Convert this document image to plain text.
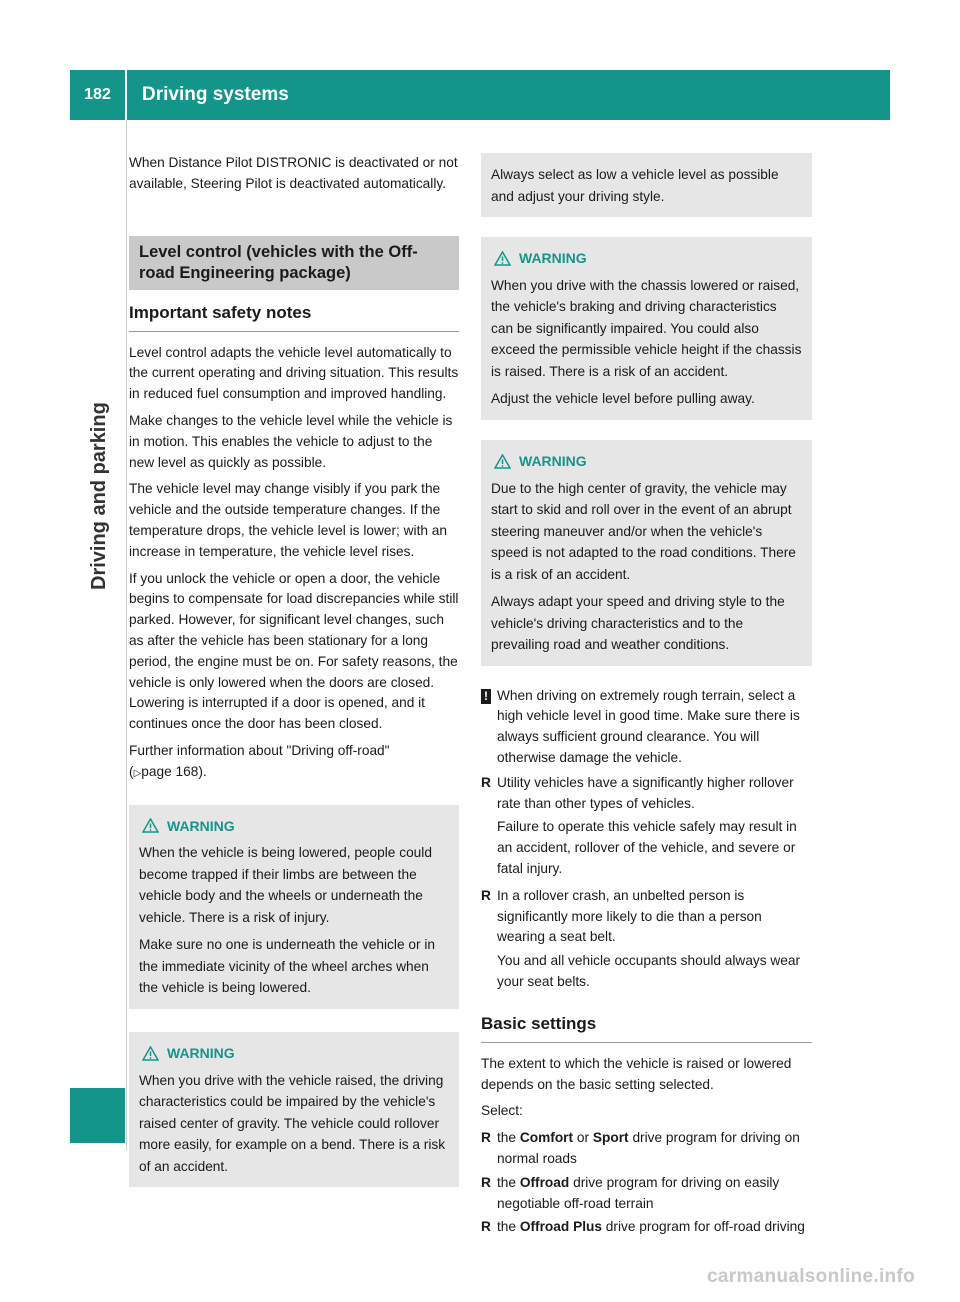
182	Driving systems
Driving and parking

When Distance Pilot DISTRONIC is deactivated or not available, Steering Pilot is deactivated automatically.

Level control (vehicles with the Off-road Engineering package)
Important safety notes

Level control adapts the vehicle level automatically to the current operating and driving situation. This results in reduced fuel consumption and improved handling.

Make changes to the vehicle level while the vehicle is in motion. This enables the vehicle to adjust to the new level as quickly as possible.

The vehicle level may change visibly if you park the vehicle and the outside temperature changes. If the temperature drops, the vehicle level is lower; with an increase in temperature, the vehicle level rises.

If you unlock the vehicle or open a door, the vehicle begins to compensate for load discrepancies while still parked. However, for significant level changes, such as after the vehicle has been stationary for a long period, the engine must be on. For safety reasons, the vehicle is only lowered when the doors are closed. Lowering is interrupted if a door is opened, and it continues once the door has been closed.

Further information about "Driving off-road"

(▷page 168).

WARNING

When the vehicle is being lowered, people could become trapped if their limbs are between the vehicle body and the wheels or underneath the vehicle. There is a risk of injury.

Make sure no one is underneath the vehicle or in the immediate vicinity of the wheel arches when the vehicle is being lowered.

WARNING

When you drive with the vehicle raised, the driving characteristics could be impaired by the vehicle's raised center of gravity. The vehicle could rollover more easily, for example on a bend. There is a risk of an accident.

Always select as low a vehicle level as possible and adjust your driving style.

WARNING

When you drive with the chassis lowered or raised, the vehicle's braking and driving characteristics can be significantly impaired. You could also exceed the permissible vehicle height if the chassis is raised. There is a risk of an accident.

Adjust the vehicle level before pulling away.

WARNING

Due to the high center of gravity, the vehicle may start to skid and roll over in the event of an abrupt steering maneuver and/or when the vehicle's speed is not adapted to the road conditions. There is a risk of an accident.

Always adapt your speed and driving style to the vehicle's driving characteristics and to the prevailing road and weather conditions.

! When driving on extremely rough terrain, select a high vehicle level in good time. Make sure there is always sufficient ground clearance. You will otherwise damage the vehicle.
R Utility vehicles have a significantly higher rollover rate than other types of vehicles.

Failure to operate this vehicle safely may result in an accident, rollover of the vehicle, and severe or fatal injury.

R In a rollover crash, an unbelted person is significantly more likely to die than a person wearing a seat belt.

You and all vehicle occupants should always wear your seat belts.

Basic settings

The extent to which the vehicle is raised or lowered depends on the basic setting selected.

Select:

R the Comfort or Sport drive program for driving on normal roads
R the Offroad drive program for driving on easily negotiable off-road terrain
R the Offroad Plus drive program for off-road driving
carmanualsonline.info
